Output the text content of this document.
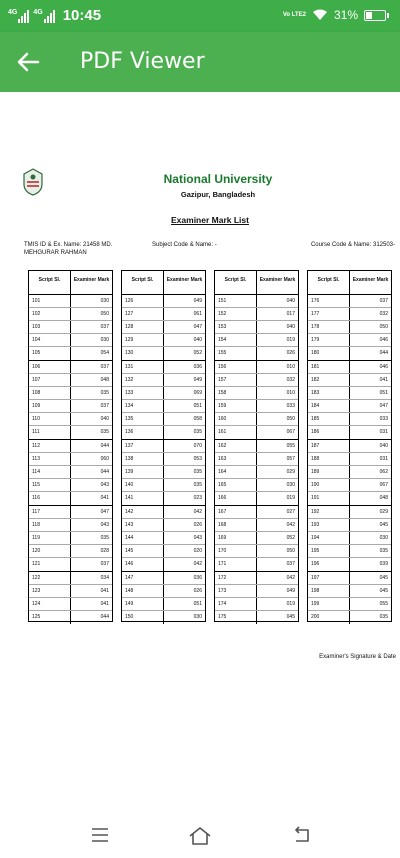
4G 4G 10:45	Vo LTE2 31%
PDF Viewer
National University
Gazipur, Bangladesh
Examiner Mark List
TMIS ID & Ex. Name: 21458 MD.
MEHGURAR RAHMAN
Subject Code & Name: -	Course Code & Name: 312503-
Script Sl.	Examiner Mark
101	030
102	050
103	037
104	030
105	054
106	037
107	048
108	035
109	037
110	040
111	035
112	044
113	060
114	044
115	043
116	041
117	047
118	043
119	035
120	028
121	037
122	034
123	041
124	041
125	044
Script Sl.	Examiner Mark
126	049
127	061
128	047
129	040
130	052
131	036
132	049
133	069
134	051
135	058
136	035
137	070
138	053
139	035
140	035
141	023
142	042
143	026
144	043
145	020
146	042
147	036
148	026
149	051
150	030
Script Sl.	Examiner Mark
151	040
152	017
153	040
154	019
155	026
156	010
157	032
158	010
159	033
160	050
161	067
162	055
163	057
164	029
165	030
166	019
167	027
168	042
169	052
170	050
171	037
172	042
173	049
174	019
175	045
Script Sl.	Examiner Mark
176	037
177	032
178	050
179	046
180	044
181	046
182	041
183	051
184	047
185	033
186	031
187	040
188	031
189	062
190	067
191	048
192	029
193	045
194	030
195	035
196	039
197	045
198	045
199	055
200	035
Examiner's Signature & Date
